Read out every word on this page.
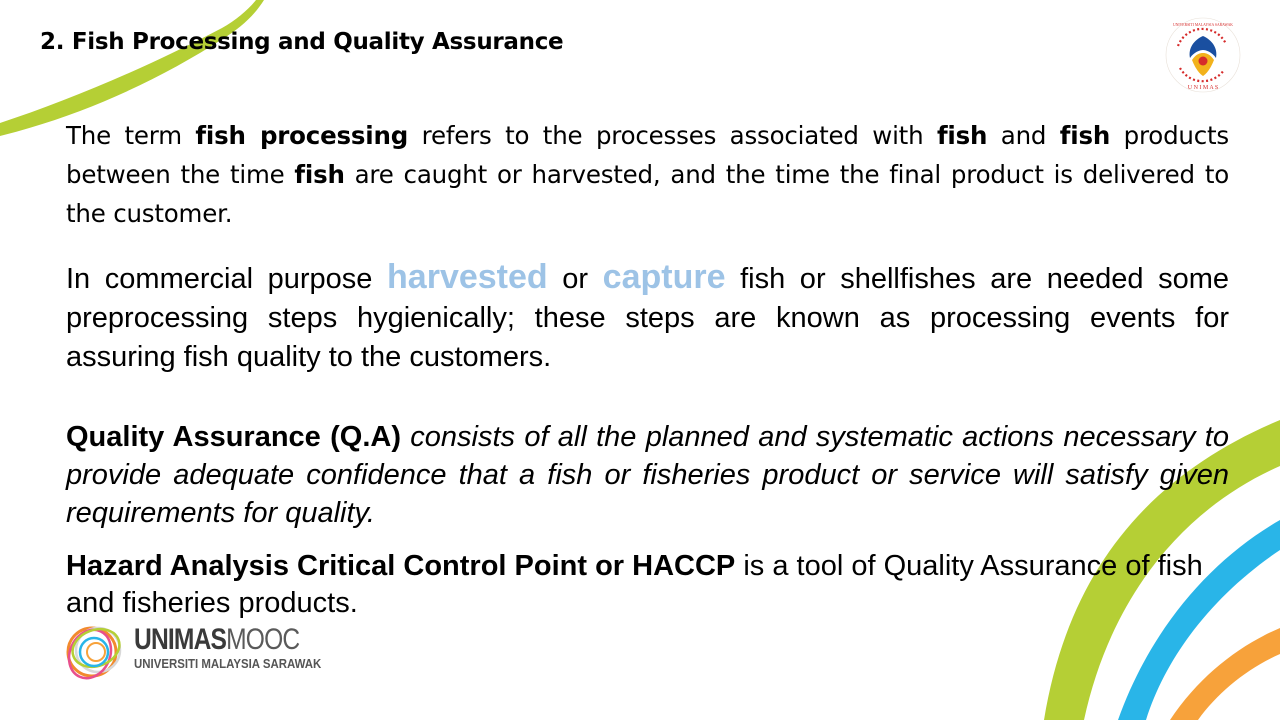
2. Fish Processing and Quality Assurance

The term fish processing refers to the processes associated with fish and fish products between the time fish are caught or harvested, and the time the final product is delivered to the customer.

In commercial purpose harvested or capture fish or shellfishes are needed some preprocessing steps hygienically; these steps are known as processing events for assuring fish quality to the customers.

Quality Assurance (Q.A) consists of all the planned and systematic actions necessary to provide adequate confidence that a fish or fisheries product or service will satisfy given requirements for quality.

Hazard Analysis Critical Control Point or HACCP is a tool of Quality Assurance of fish and fisheries products.

U N I M A S
UNIVERSITI MALAYSIA SARAWAK
UNIMASMOOC
UNIVERSITI MALAYSIA SARAWAK
